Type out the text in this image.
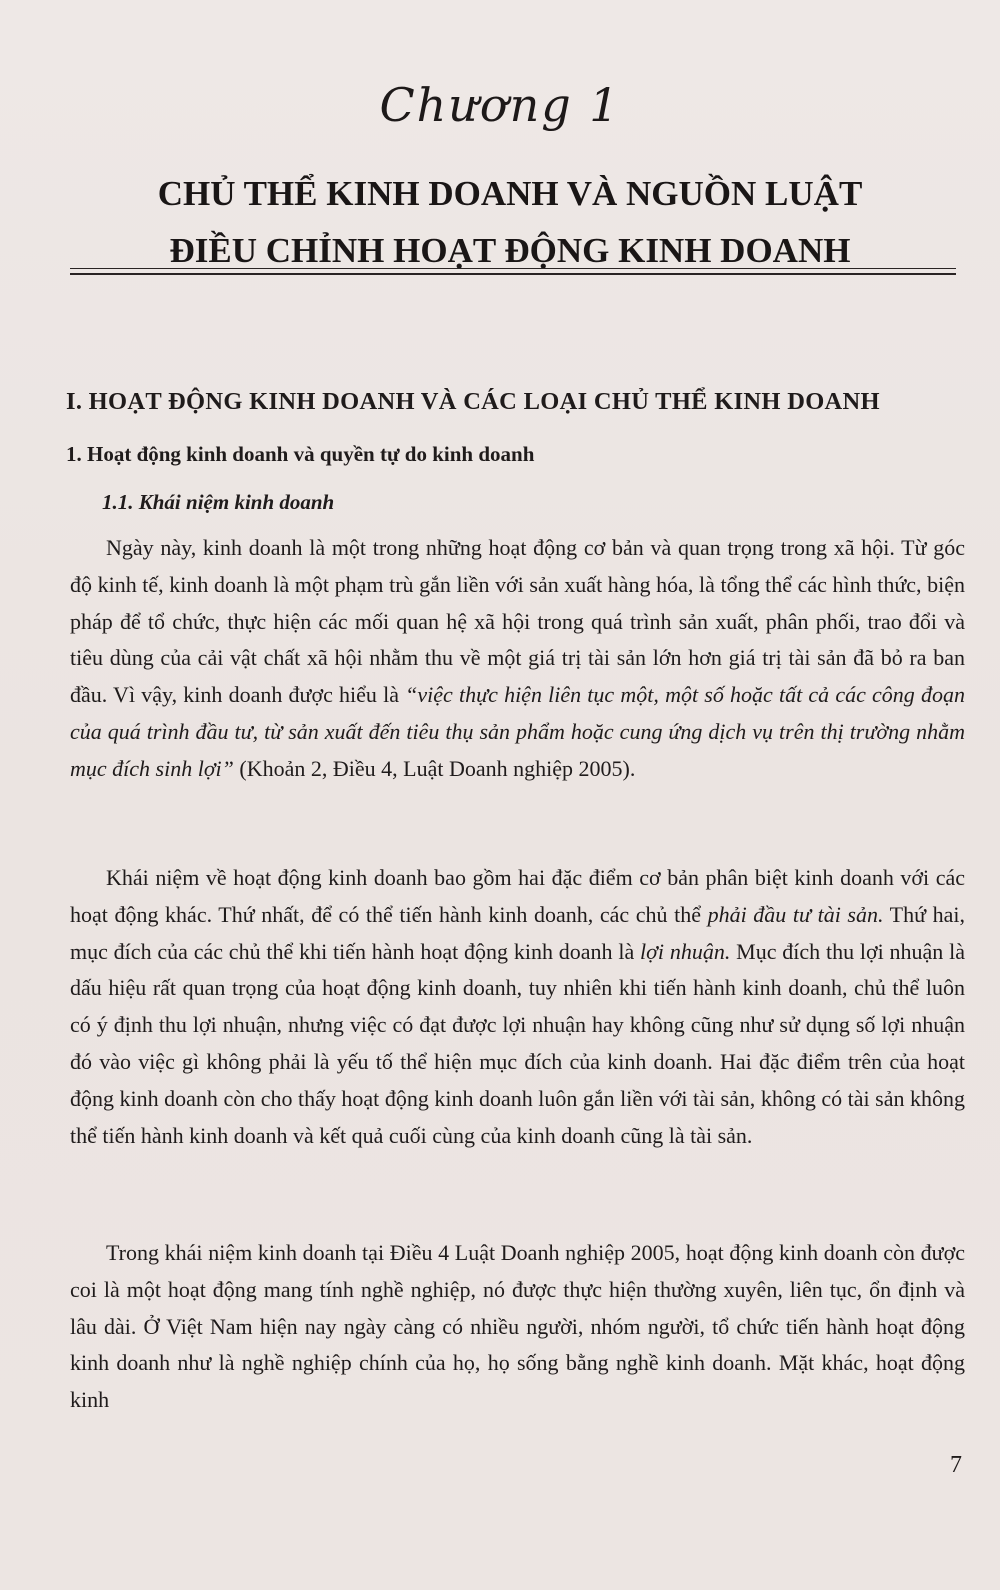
Chương 1
CHỦ THỂ KINH DOANH VÀ NGUỒN LUẬT
ĐIỀU CHỈNH HOẠT ĐỘNG KINH DOANH
I. HOẠT ĐỘNG KINH DOANH VÀ CÁC LOẠI CHỦ THỂ KINH DOANH
1. Hoạt động kinh doanh và quyền tự do kinh doanh
1.1. Khái niệm kinh doanh
Ngày này, kinh doanh là một trong những hoạt động cơ bản và quan trọng trong xã hội. Từ góc độ kinh tế, kinh doanh là một phạm trù gắn liền với sản xuất hàng hóa, là tổng thể các hình thức, biện pháp để tổ chức, thực hiện các mối quan hệ xã hội trong quá trình sản xuất, phân phối, trao đổi và tiêu dùng của cải vật chất xã hội nhằm thu về một giá trị tài sản lớn hơn giá trị tài sản đã bỏ ra ban đầu. Vì vậy, kinh doanh được hiểu là “việc thực hiện liên tục một, một số hoặc tất cả các công đoạn của quá trình đầu tư, từ sản xuất đến tiêu thụ sản phẩm hoặc cung ứng dịch vụ trên thị trường nhằm mục đích sinh lợi” (Khoản 2, Điều 4, Luật Doanh nghiệp 2005).
Khái niệm về hoạt động kinh doanh bao gồm hai đặc điểm cơ bản phân biệt kinh doanh với các hoạt động khác. Thứ nhất, để có thể tiến hành kinh doanh, các chủ thể phải đầu tư tài sản. Thứ hai, mục đích của các chủ thể khi tiến hành hoạt động kinh doanh là lợi nhuận. Mục đích thu lợi nhuận là dấu hiệu rất quan trọng của hoạt động kinh doanh, tuy nhiên khi tiến hành kinh doanh, chủ thể luôn có ý định thu lợi nhuận, nhưng việc có đạt được lợi nhuận hay không cũng như sử dụng số lợi nhuận đó vào việc gì không phải là yếu tố thể hiện mục đích của kinh doanh. Hai đặc điểm trên của hoạt động kinh doanh còn cho thấy hoạt động kinh doanh luôn gắn liền với tài sản, không có tài sản không thể tiến hành kinh doanh và kết quả cuối cùng của kinh doanh cũng là tài sản.
Trong khái niệm kinh doanh tại Điều 4 Luật Doanh nghiệp 2005, hoạt động kinh doanh còn được coi là một hoạt động mang tính nghề nghiệp, nó được thực hiện thường xuyên, liên tục, ổn định và lâu dài. Ở Việt Nam hiện nay ngày càng có nhiều người, nhóm người, tổ chức tiến hành hoạt động kinh doanh như là nghề nghiệp chính của họ, họ sống bằng nghề kinh doanh. Mặt khác, hoạt động kinh
7
